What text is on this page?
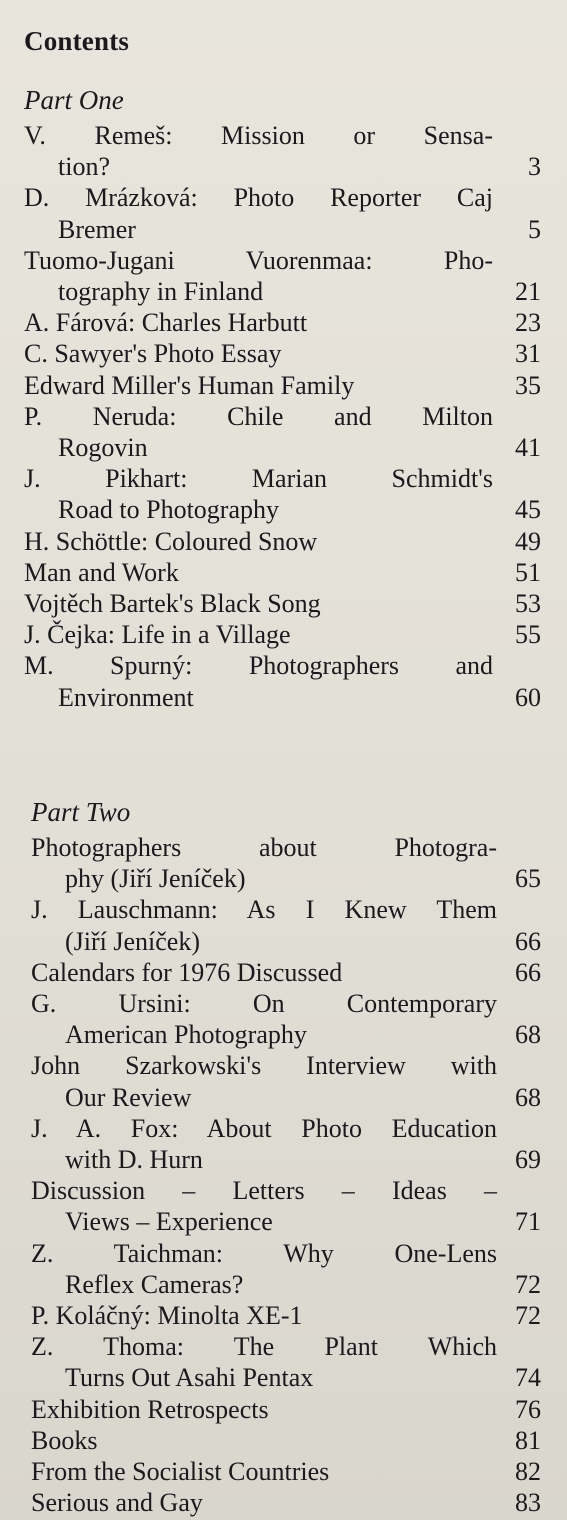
Contents
Part One
V. Remeš: Mission or Sensa-
tion?	3
D. Mrázková: Photo Reporter Caj
Bremer	5
Tuomo-Jugani Vuorenmaa: Pho-
tography in Finland	21
A. Fárová: Charles Harbutt	23
C. Sawyer's Photo Essay	31
Edward Miller's Human Family	35
P. Neruda: Chile and Milton
Rogovin	41
J. Pikhart: Marian Schmidt's
Road to Photography	45
H. Schöttle: Coloured Snow	49
Man and Work	51
Vojtěch Bartek's Black Song	53
J. Čejka: Life in a Village	55
M. Spurný: Photographers and
Environment	60
Part Two
Photographers about Photogra-
phy (Jiří Jeníček)	65
J. Lauschmann: As I Knew Them
(Jiří Jeníček)	66
Calendars for 1976 Discussed	66
G. Ursini: On Contemporary
American Photography	68
John Szarkowski's Interview with
Our Review	68
J. A. Fox: About Photo Education
with D. Hurn	69
Discussion – Letters – Ideas –
Views – Experience	71
Z. Taichman: Why One-Lens
Reflex Cameras?	72
P. Koláčný: Minolta XE-1	72
Z. Thoma: The Plant Which
Turns Out Asahi Pentax	74
Exhibition Retrospects	76
Books	81
From the Socialist Countries	82
Serious and Gay	83
